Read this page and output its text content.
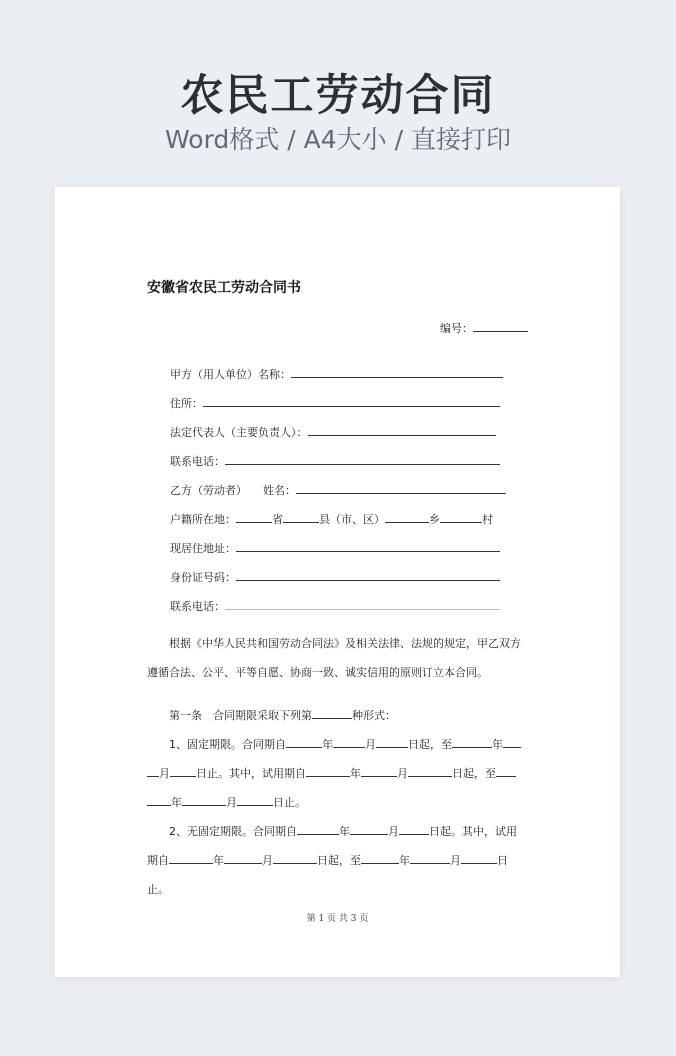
农民工劳动合同
Word格式 / A4大小 / 直接打印
安徽省农民工劳动合同书
编号：
甲方（用人单位）名称：
住所：
法定代表人（主要负责人）：
联系电话：
乙方（劳动者） 姓名：
户籍所在地：	省	县（市、区）	乡	村
现居住地址：
身份证号码：
联系电话：
根据《中华人民共和国劳动合同法》及相关法律、法规的规定，甲乙双方
遵循合法、公平、平等自愿、协商一致、诚实信用的原则订立本合同。
第一条　合同期限采取下列第	种形式：
1、固定期限。合同期自	年	月	日起，至	年
月 日止。其中，试用期自	年	月	日起，至
年	月	日止。
2、无固定期限。合同期自	年	月	日起。其中，试用
期自	年	月	日起，至	年	月	日
止。
第 1 页 共 3 页
